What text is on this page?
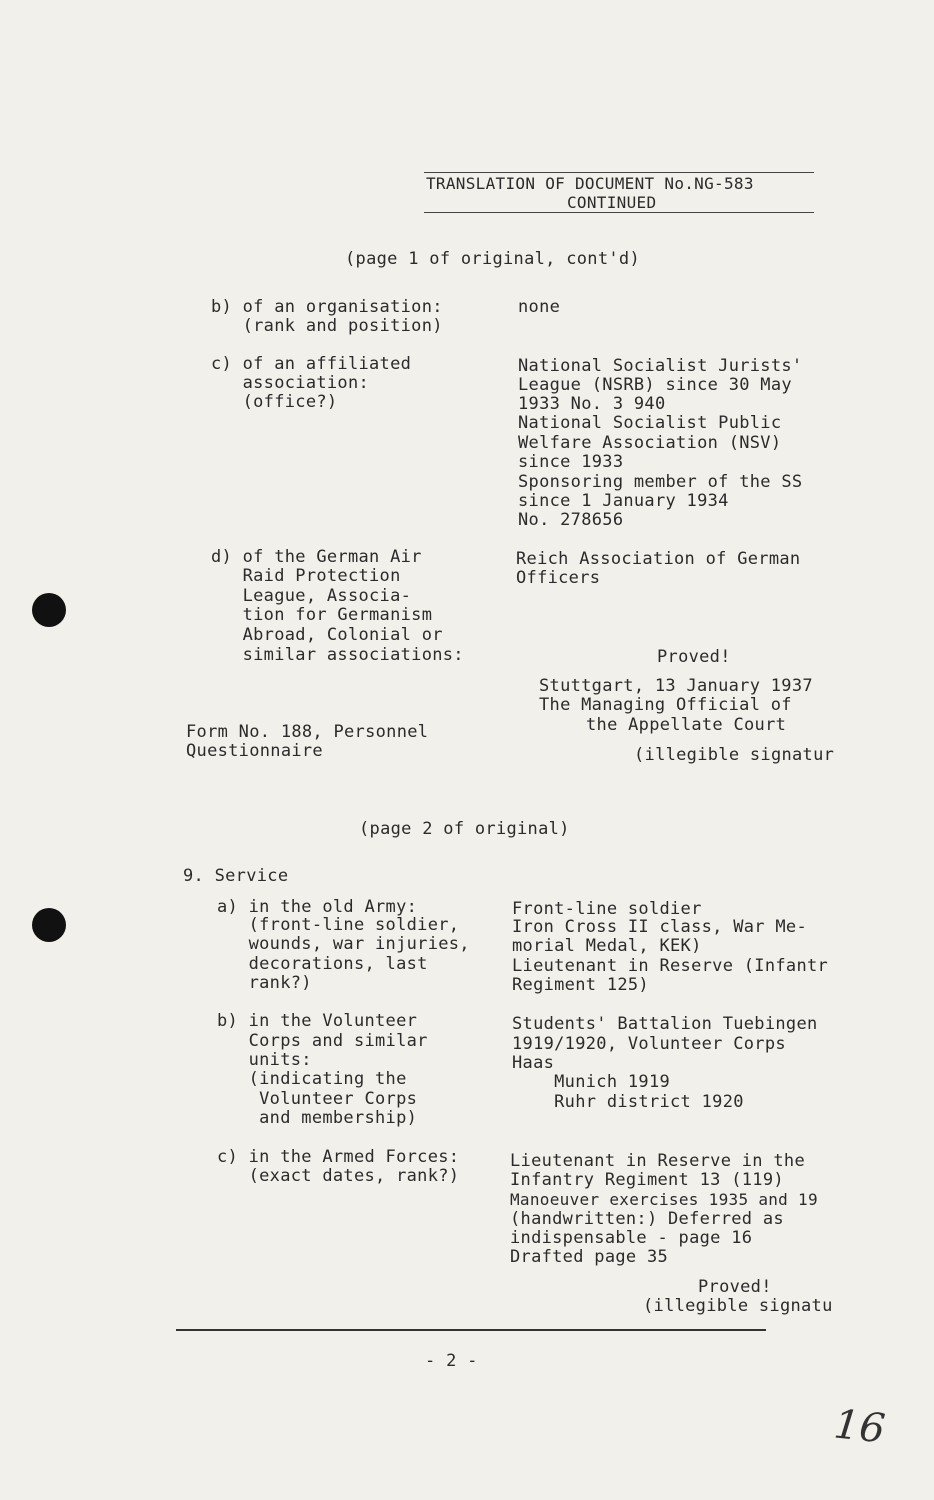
TRANSLATION OF DOCUMENT No.NG-583
CONTINUED
(page 1 of original, cont'd)
b) of an organisation:
(rank and position)
none
c) of an affiliated
association:
(office?)
National Socialist Jurists'
League (NSRB) since 30 May
1933 No. 3 940
National Socialist Public
Welfare Association (NSV)
since 1933
Sponsoring member of the SS
since 1 January 1934
No. 278656
d) of the German Air
Raid Protection
League, Associa-
tion for Germanism
Abroad, Colonial or
similar associations:
Reich Association of German
Officers
Proved!
Stuttgart, 13 January 1937
The Managing Official of
the Appellate Court
(illegible signatur
Form No. 188, Personnel
Questionnaire
(page 2 of original)
9. Service
a) in the old Army:
(front-line soldier,
wounds, war injuries,
decorations, last
rank?)
Front-line soldier
Iron Cross II class, War Me-
morial Medal, KEK)
Lieutenant in Reserve (Infantr
Regiment 125)
b) in the Volunteer
Corps and similar
units:
(indicating the
Volunteer Corps
and membership)
Students' Battalion Tuebingen
1919/1920, Volunteer Corps
Haas
Munich 1919
Ruhr district 1920
c) in the Armed Forces:
(exact dates, rank?)
Lieutenant in Reserve in the
Infantry Regiment 13 (119)
Manoeuver exercises 1935 and 19
(handwritten:) Deferred as
indispensable - page 16
Drafted page 35
Proved!
(illegible signatu
- 2 -
16
